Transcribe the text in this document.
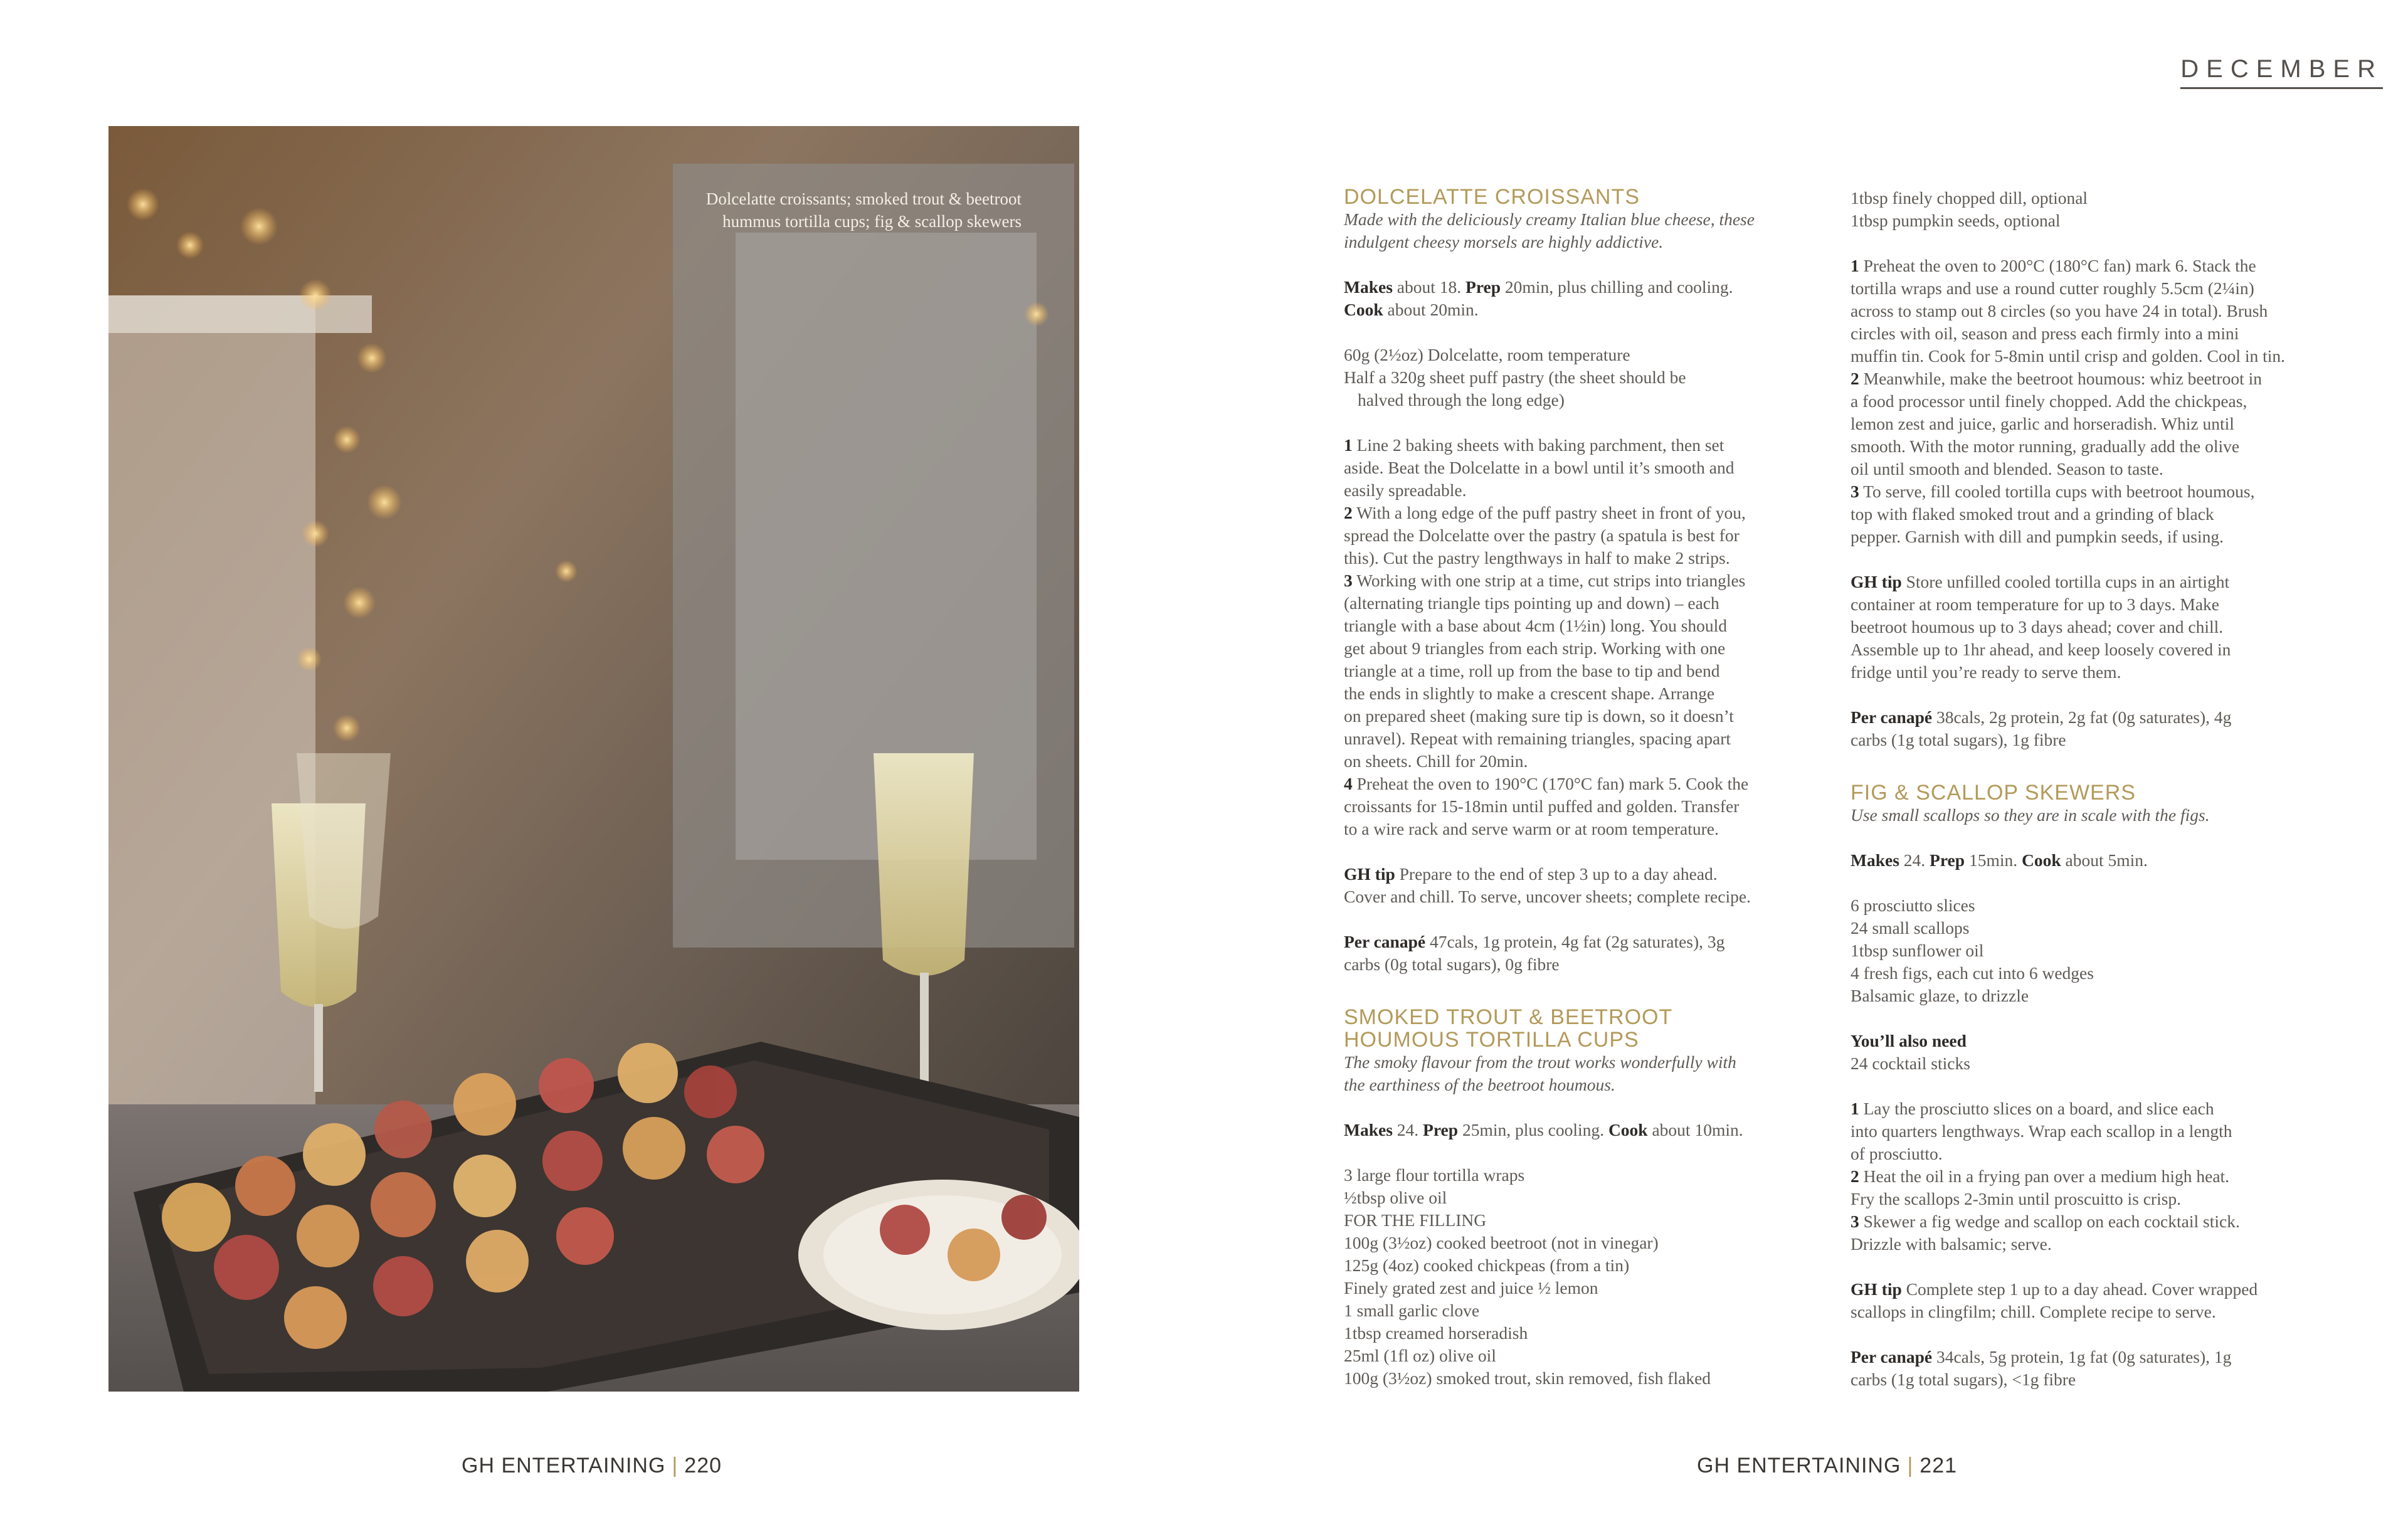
DECEMBER
Dolcelatte croissants; smoked trout & beetroot
hummus tortilla cups; fig & scallop skewers
DOLCELATTE CROISSANTS

Made with the deliciously creamy Italian blue cheese, these

indulgent cheesy morsels are highly addictive.

Makes about 18. Prep 20min, plus chilling and cooling.

Cook about 20min.

60g (2½oz) Dolcelatte, room temperature

Half a 320g sheet puff pastry (the sheet should be

halved through the long edge)

1 Line 2 baking sheets with baking parchment, then set

aside. Beat the Dolcelatte in a bowl until it’s smooth and

easily spreadable.

2 With a long edge of the puff pastry sheet in front of you,

spread the Dolcelatte over the pastry (a spatula is best for

this). Cut the pastry lengthways in half to make 2 strips.

3 Working with one strip at a time, cut strips into triangles

(alternating triangle tips pointing up and down) – each

triangle with a base about 4cm (1½in) long. You should

get about 9 triangles from each strip. Working with one

triangle at a time, roll up from the base to tip and bend

the ends in slightly to make a crescent shape. Arrange

on prepared sheet (making sure tip is down, so it doesn’t

unravel). Repeat with remaining triangles, spacing apart

on sheets. Chill for 20min.

4 Preheat the oven to 190°C (170°C fan) mark 5. Cook the

croissants for 15-18min until puffed and golden. Transfer

to a wire rack and serve warm or at room temperature.

GH tip Prepare to the end of step 3 up to a day ahead.

Cover and chill. To serve, uncover sheets; complete recipe.

Per canapé 47cals, 1g protein, 4g fat (2g saturates), 3g

carbs (0g total sugars), 0g fibre

SMOKED TROUT & BEETROOT

HOUMOUS TORTILLA CUPS

The smoky flavour from the trout works wonderfully with

the earthiness of the beetroot houmous.

Makes 24. Prep 25min, plus cooling. Cook about 10min.

3 large flour tortilla wraps

½tbsp olive oil

FOR THE FILLING

100g (3½oz) cooked beetroot (not in vinegar)

125g (4oz) cooked chickpeas (from a tin)

Finely grated zest and juice ½ lemon

1 small garlic clove

1tbsp creamed horseradish

25ml (1fl oz) olive oil

100g (3½oz) smoked trout, skin removed, fish flaked

1tbsp finely chopped dill, optional

1tbsp pumpkin seeds, optional

1 Preheat the oven to 200°C (180°C fan) mark 6. Stack the

tortilla wraps and use a round cutter roughly 5.5cm (2¼in)

across to stamp out 8 circles (so you have 24 in total). Brush

circles with oil, season and press each firmly into a mini

muffin tin. Cook for 5-8min until crisp and golden. Cool in tin.

2 Meanwhile, make the beetroot houmous: whiz beetroot in

a food processor until finely chopped. Add the chickpeas,

lemon zest and juice, garlic and horseradish. Whiz until

smooth. With the motor running, gradually add the olive

oil until smooth and blended. Season to taste.

3 To serve, fill cooled tortilla cups with beetroot houmous,

top with flaked smoked trout and a grinding of black

pepper. Garnish with dill and pumpkin seeds, if using.

GH tip Store unfilled cooled tortilla cups in an airtight

container at room temperature for up to 3 days. Make

beetroot houmous up to 3 days ahead; cover and chill.

Assemble up to 1hr ahead, and keep loosely covered in

fridge until you’re ready to serve them.

Per canapé 38cals, 2g protein, 2g fat (0g saturates), 4g

carbs (1g total sugars), 1g fibre

FIG & SCALLOP SKEWERS
Use small scallops so they are in scale with the figs.

Makes 24. Prep 15min. Cook about 5min.

6 prosciutto slices

24 small scallops

1tbsp sunflower oil

4 fresh figs, each cut into 6 wedges

Balsamic glaze, to drizzle

You’ll also need

24 cocktail sticks

1 Lay the prosciutto slices on a board, and slice each

into quarters lengthways. Wrap each scallop in a length

of prosciutto.

2 Heat the oil in a frying pan over a medium high heat.

Fry the scallops 2-3min until proscuitto is crisp.

3 Skewer a fig wedge and scallop on each cocktail stick.

Drizzle with balsamic; serve.

GH tip Complete step 1 up to a day ahead. Cover wrapped

scallops in clingfilm; chill. Complete recipe to serve.

Per canapé 34cals, 5g protein, 1g fat (0g saturates), 1g

carbs (1g total sugars), <1g fibre

GH ENTERTAINING | 220	GH ENTERTAINING | 221
